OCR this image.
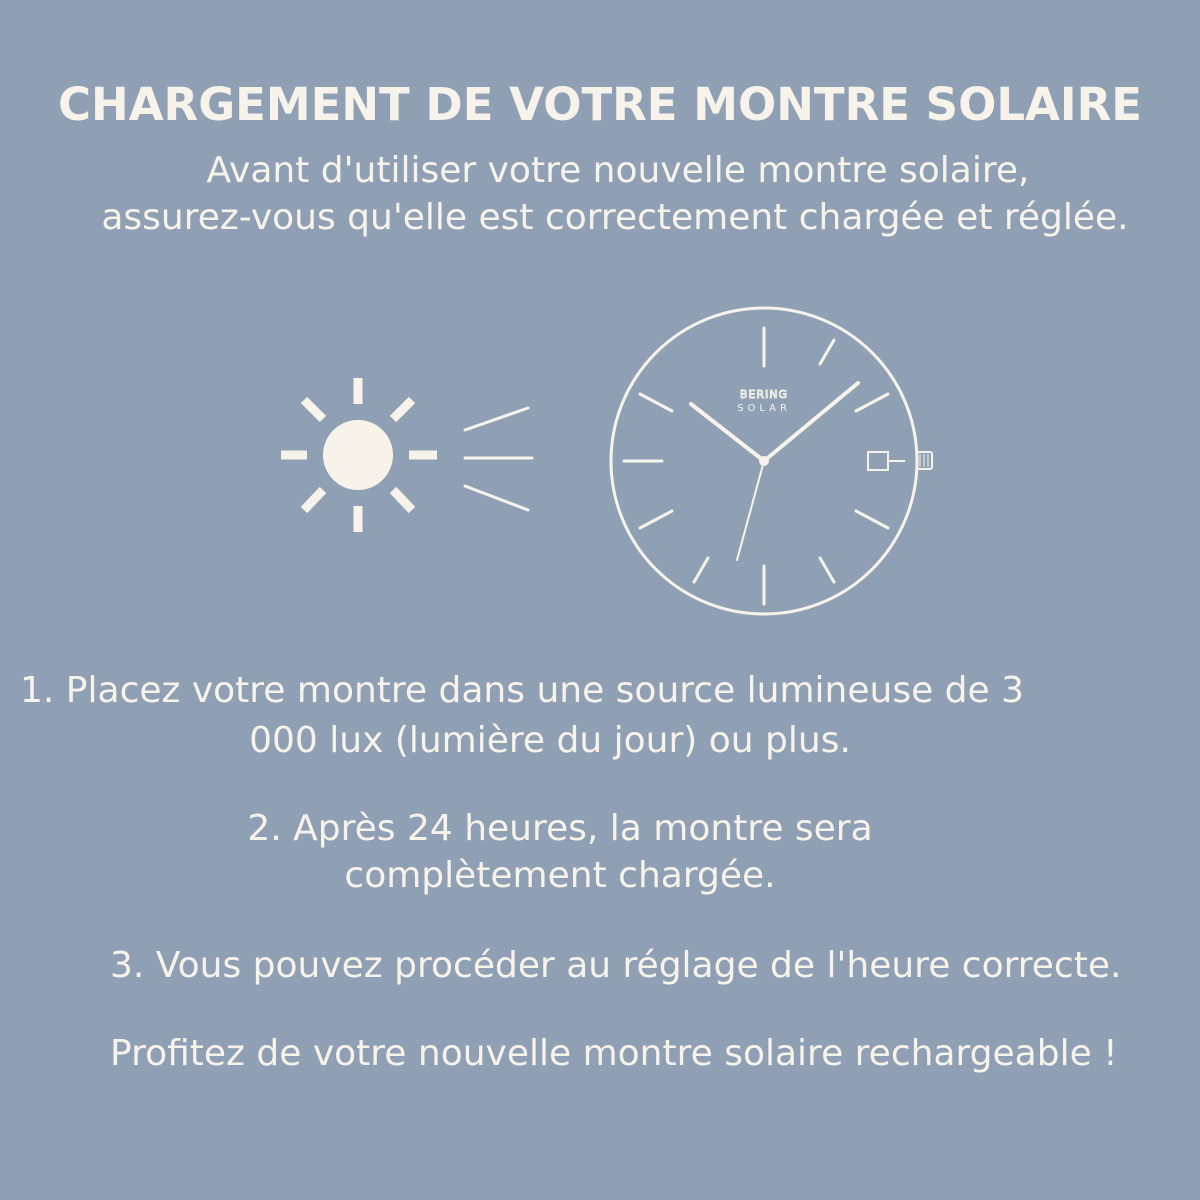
CHARGEMENT DE VOTRE MONTRE SOLAIRE
Avant d'utiliser votre nouvelle montre solaire,
assurez-vous qu'elle est correctement chargée et réglée.
BERING
SOLAR
1. Placez votre montre dans une source lumineuse de 3
000 lux (lumière du jour) ou plus.
2. Après 24 heures, la montre sera
complètement chargée.
3. Vous pouvez procéder au réglage de l'heure correcte.
Profitez de votre nouvelle montre solaire rechargeable !
